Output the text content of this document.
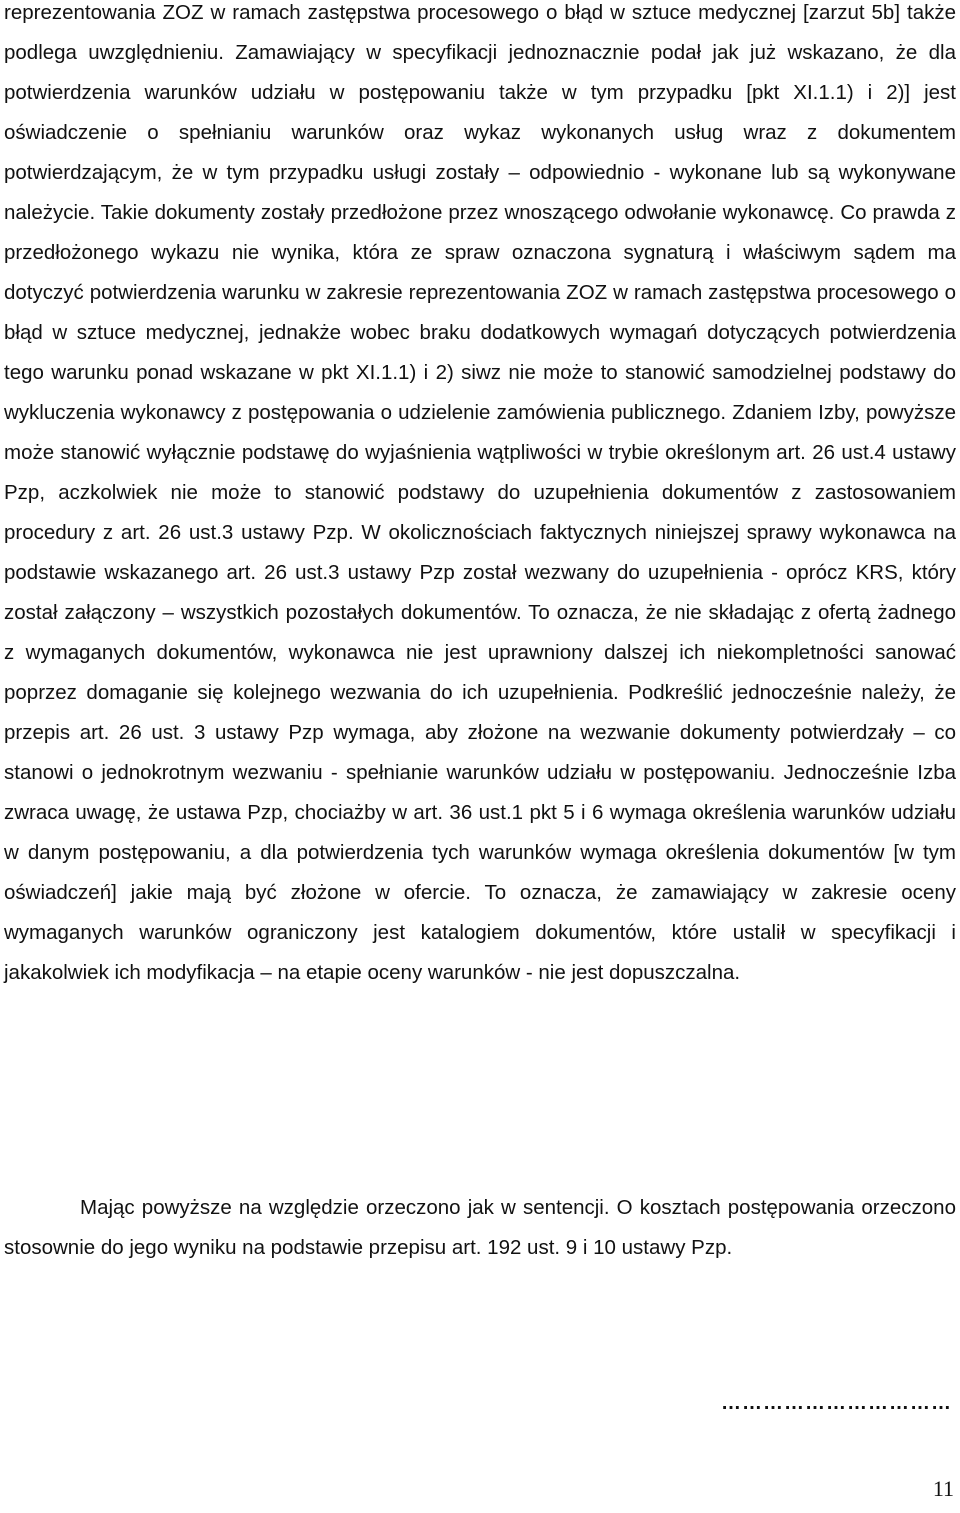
reprezentowania ZOZ w ramach zastępstwa procesowego o błąd w sztuce medycznej [zarzut 5b] także podlega uwzględnieniu. Zamawiający w specyfikacji jednoznacznie podał jak już wskazano, że dla potwierdzenia warunków udziału w postępowaniu także w tym przypadku [pkt XI.1.1) i 2)] jest oświadczenie o spełnianiu warunków oraz wykaz wykonanych usług wraz z dokumentem potwierdzającym, że w tym przypadku usługi zostały – odpowiednio - wykonane lub są wykonywane należycie. Takie dokumenty zostały przedłożone przez wnoszącego odwołanie wykonawcę. Co prawda z przedłożonego wykazu nie wynika, która ze spraw oznaczona sygnaturą i właściwym sądem ma dotyczyć potwierdzenia warunku w zakresie reprezentowania ZOZ w ramach zastępstwa procesowego o błąd w sztuce medycznej, jednakże wobec braku dodatkowych wymagań dotyczących potwierdzenia tego warunku ponad wskazane w pkt XI.1.1) i 2) siwz nie może to stanowić samodzielnej podstawy do wykluczenia wykonawcy z postępowania o udzielenie zamówienia publicznego. Zdaniem Izby, powyższe może stanowić wyłącznie podstawę do wyjaśnienia wątpliwości w trybie określonym art. 26 ust.4 ustawy Pzp, aczkolwiek nie może to stanowić podstawy do uzupełnienia dokumentów z zastosowaniem procedury z art. 26 ust.3 ustawy Pzp. W okolicznościach faktycznych niniejszej sprawy wykonawca na podstawie wskazanego art. 26 ust.3 ustawy Pzp został wezwany do uzupełnienia - oprócz KRS, który został załączony – wszystkich pozostałych dokumentów. To oznacza, że nie składając z ofertą żadnego z wymaganych dokumentów, wykonawca nie jest uprawniony dalszej ich niekompletności sanować poprzez domaganie się kolejnego wezwania do ich uzupełnienia. Podkreślić jednocześnie należy, że przepis art. 26 ust. 3 ustawy Pzp wymaga, aby złożone na wezwanie dokumenty potwierdzały – co stanowi o jednokrotnym wezwaniu - spełnianie warunków udziału w postępowaniu. Jednocześnie Izba zwraca uwagę, że ustawa Pzp, chociażby w art. 36 ust.1 pkt 5 i 6 wymaga określenia warunków udziału w danym postępowaniu, a dla potwierdzenia tych warunków wymaga określenia dokumentów [w tym oświadczeń] jakie mają być złożone w ofercie. To oznacza, że zamawiający w zakresie oceny wymaganych warunków ograniczony jest katalogiem dokumentów, które ustalił w specyfikacji i jakakolwiek ich modyfikacja – na etapie oceny warunków - nie jest dopuszczalna.

Mając powyższe na względzie orzeczono jak w sentencji. O kosztach postępowania orzeczono stosownie do jego wyniku na podstawie przepisu art. 192 ust. 9 i 10 ustawy Pzp.

……………………………

11
